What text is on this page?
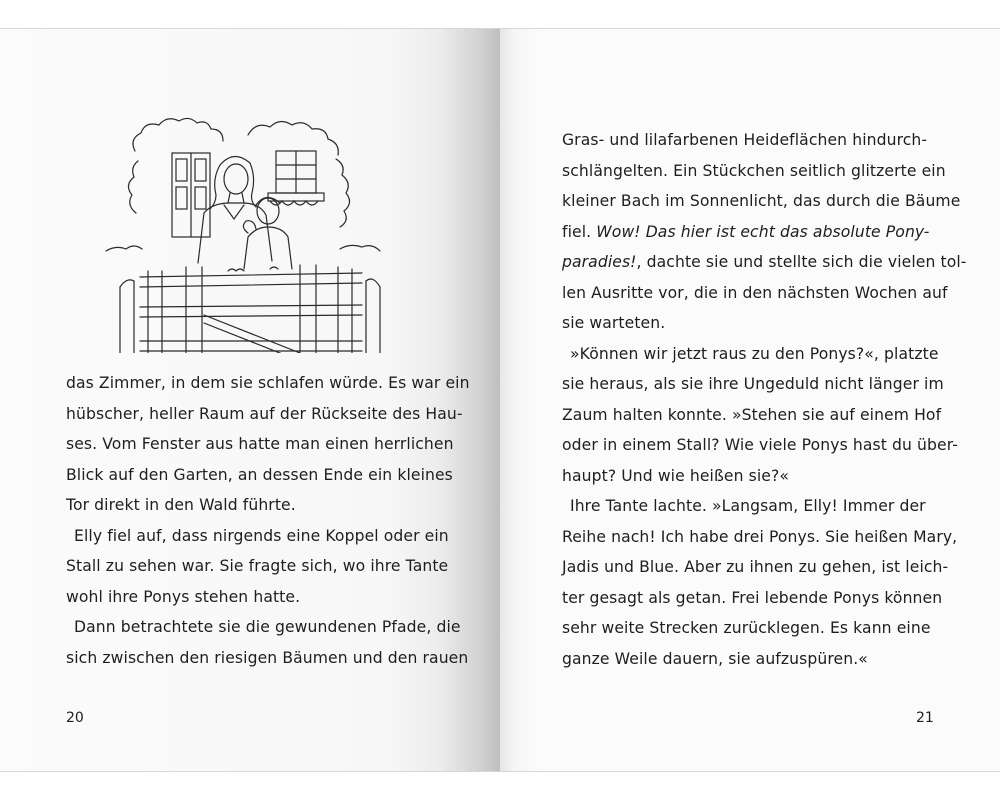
das Zimmer, in dem sie schlafen würde. Es war ein

hübscher, heller Raum auf der Rückseite des Hau-

ses. Vom Fenster aus hatte man einen herrlichen

Blick auf den Garten, an dessen Ende ein kleines

Tor direkt in den Wald führte.

Elly fiel auf, dass nirgends eine Koppel oder ein

Stall zu sehen war. Sie fragte sich, wo ihre Tante

wohl ihre Ponys stehen hatte.

Dann betrachtete sie die gewundenen Pfade, die

sich zwischen den riesigen Bäumen und den rauen

20

Gras- und lilafarbenen Heideflächen hindurch-

schlängelten. Ein Stückchen seitlich glitzerte ein

kleiner Bach im Sonnenlicht, das durch die Bäume

fiel. Wow! Das hier ist echt das absolute Pony-

paradies!, dachte sie und stellte sich die vielen tol-

len Ausritte vor, die in den nächsten Wochen auf

sie warteten.

»Können wir jetzt raus zu den Ponys?«, platzte

sie heraus, als sie ihre Ungeduld nicht länger im

Zaum halten konnte. »Stehen sie auf einem Hof

oder in einem Stall? Wie viele Ponys hast du über-

haupt? Und wie heißen sie?«

Ihre Tante lachte. »Langsam, Elly! Immer der

Reihe nach! Ich habe drei Ponys. Sie heißen Mary,

Jadis und Blue. Aber zu ihnen zu gehen, ist leich-

ter gesagt als getan. Frei lebende Ponys können

sehr weite Strecken zurücklegen. Es kann eine

ganze Weile dauern, sie aufzuspüren.«

21
